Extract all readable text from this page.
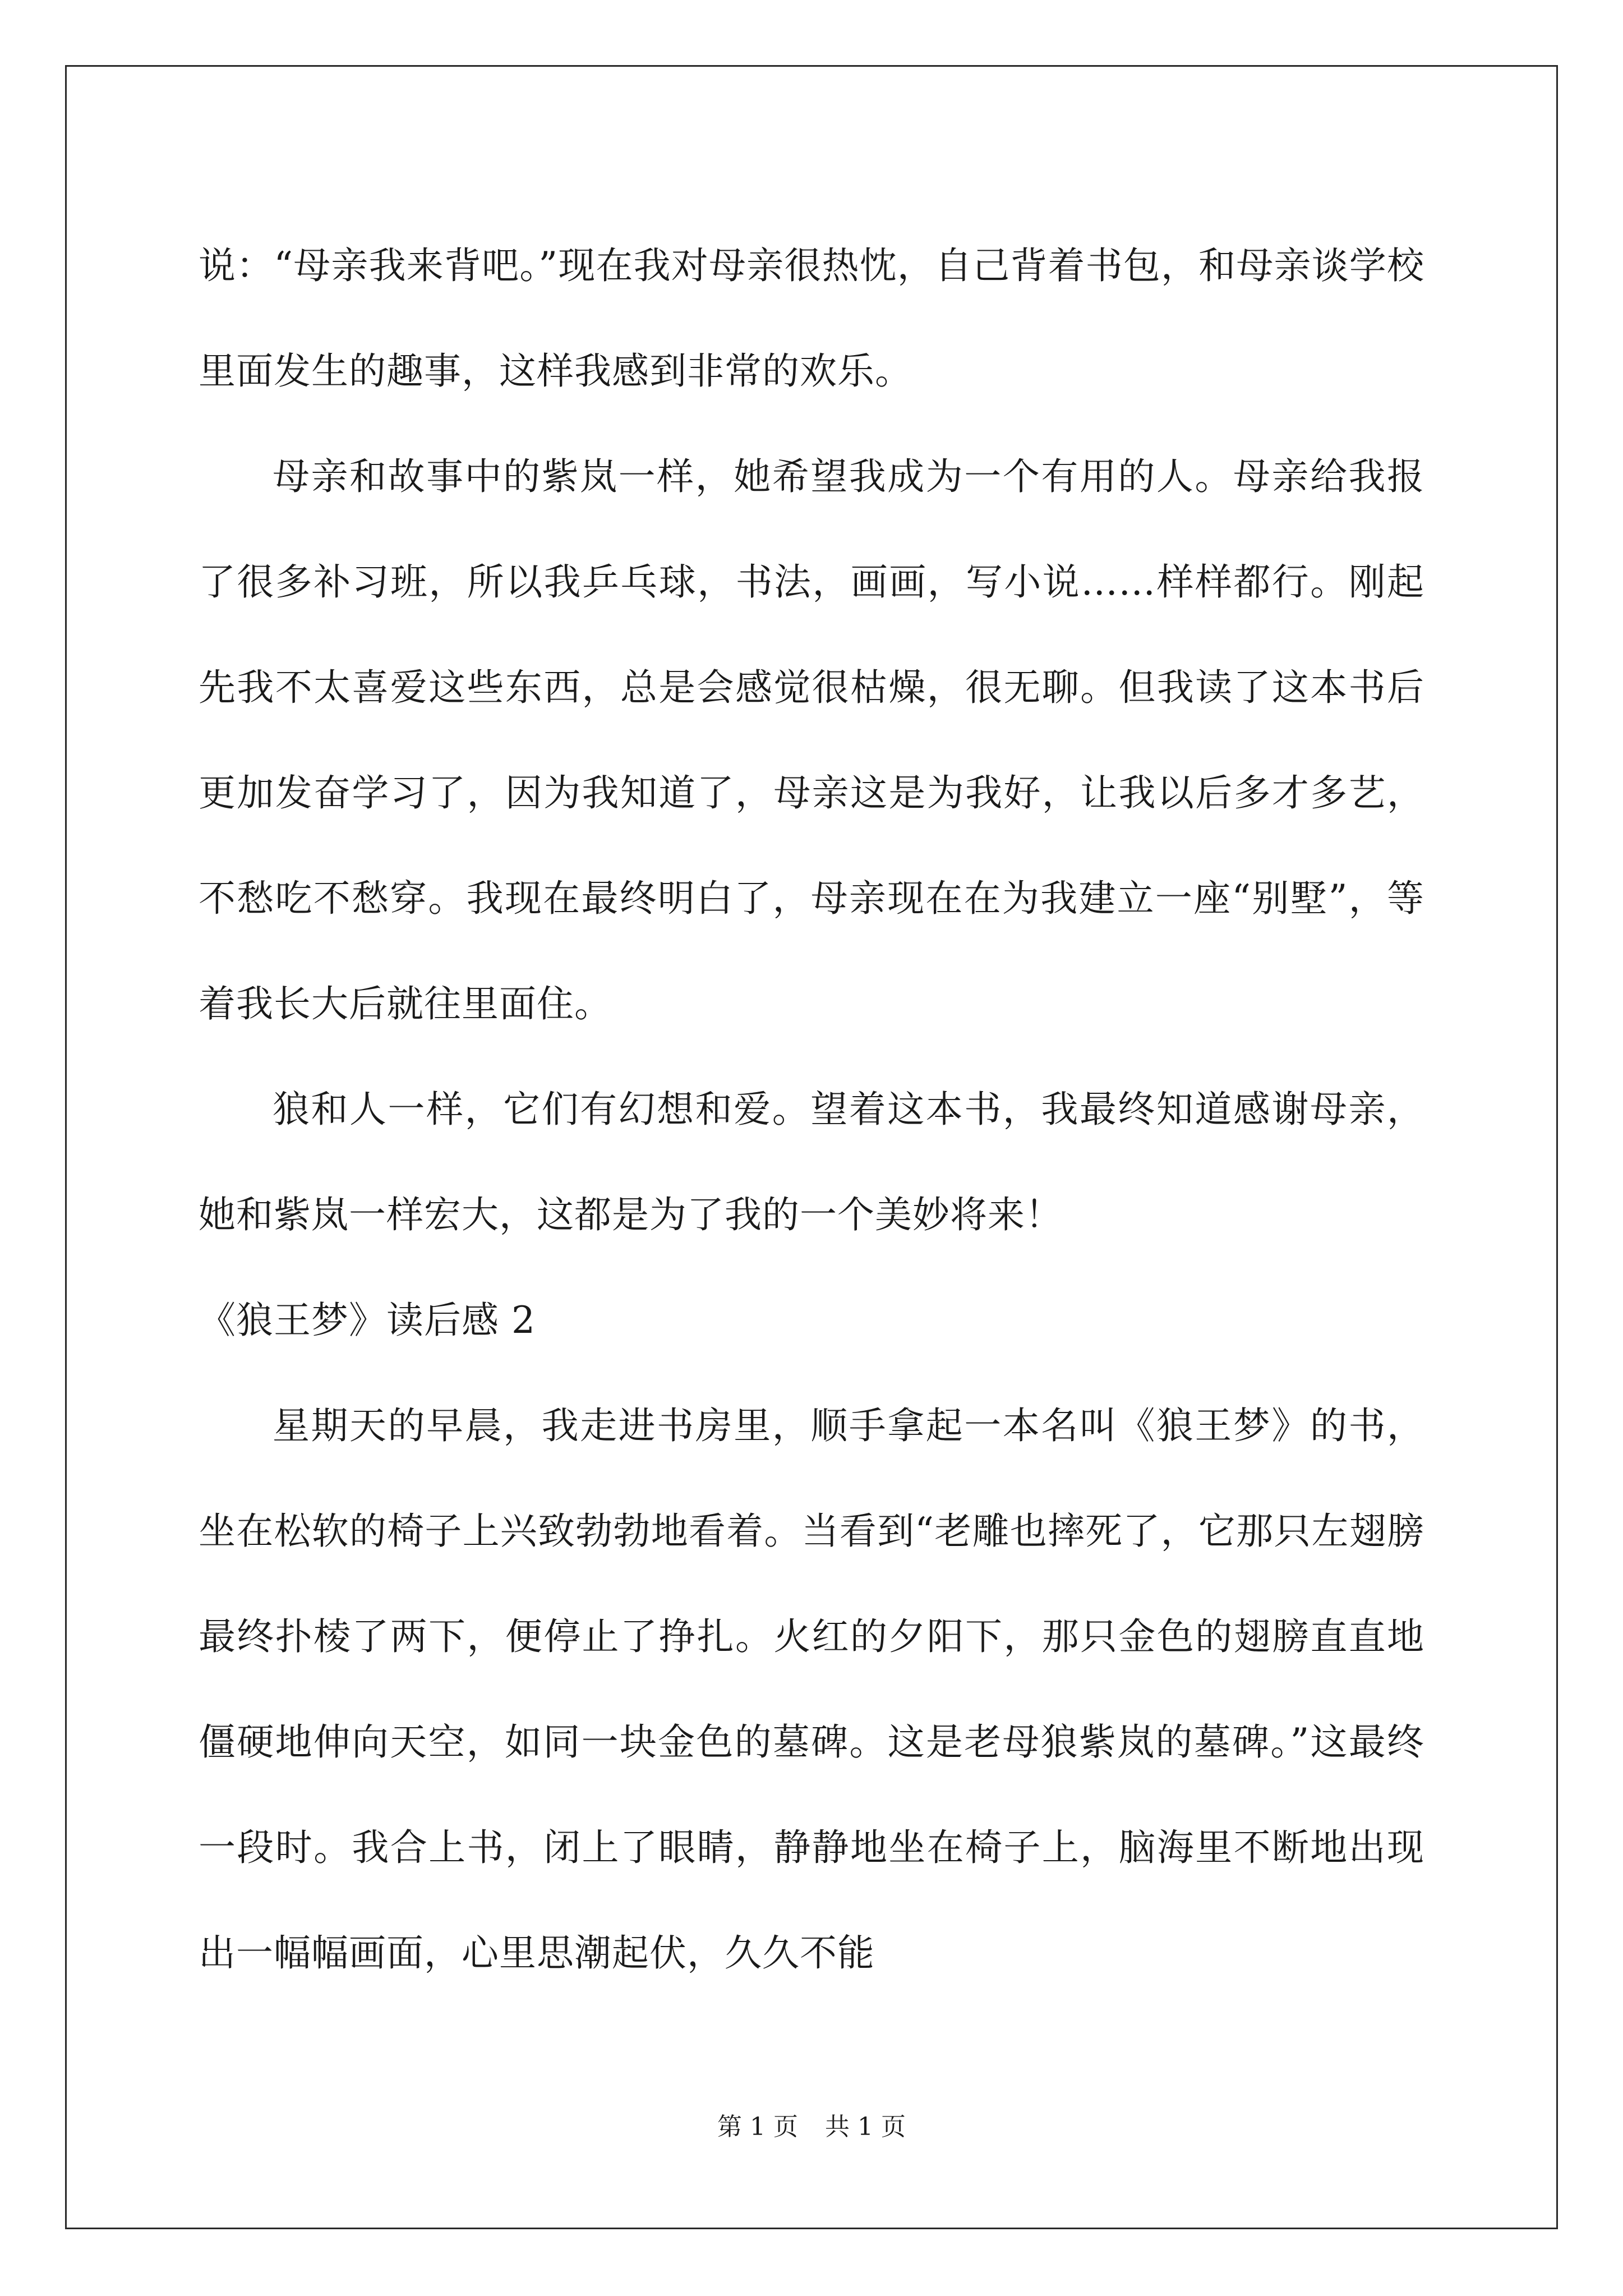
说：“母亲我来背吧。”现在我对母亲很热忱，自己背着书包，和母亲谈学校里面发生的趣事，这样我感到非常的欢乐。

母亲和故事中的紫岚一样，她希望我成为一个有用的人。母亲给我报了很多补习班，所以我乒乓球，书法，画画，写小说……样样都行。刚起先我不太喜爱这些东西，总是会感觉很枯燥，很无聊。但我读了这本书后更加发奋学习了，因为我知道了，母亲这是为我好，让我以后多才多艺，不愁吃不愁穿。我现在最终明白了，母亲现在在为我建立一座“别墅”，等着我长大后就往里面住。

狼和人一样，它们有幻想和爱。望着这本书，我最终知道感谢母亲，她和紫岚一样宏大，这都是为了我的一个美妙将来！

《狼王梦》读后感 2

星期天的早晨，我走进书房里，顺手拿起一本名叫《狼王梦》的书，坐在松软的椅子上兴致勃勃地看着。当看到“老雕也摔死了，它那只左翅膀最终扑棱了两下，便停止了挣扎。火红的夕阳下，那只金色的翅膀直直地僵硬地伸向天空，如同一块金色的墓碑。这是老母狼紫岚的墓碑。”这最终一段时。我合上书，闭上了眼睛，静静地坐在椅子上，脑海里不断地出现出一幅幅画面，心里思潮起伏，久久不能

第 1 页 共 1 页
